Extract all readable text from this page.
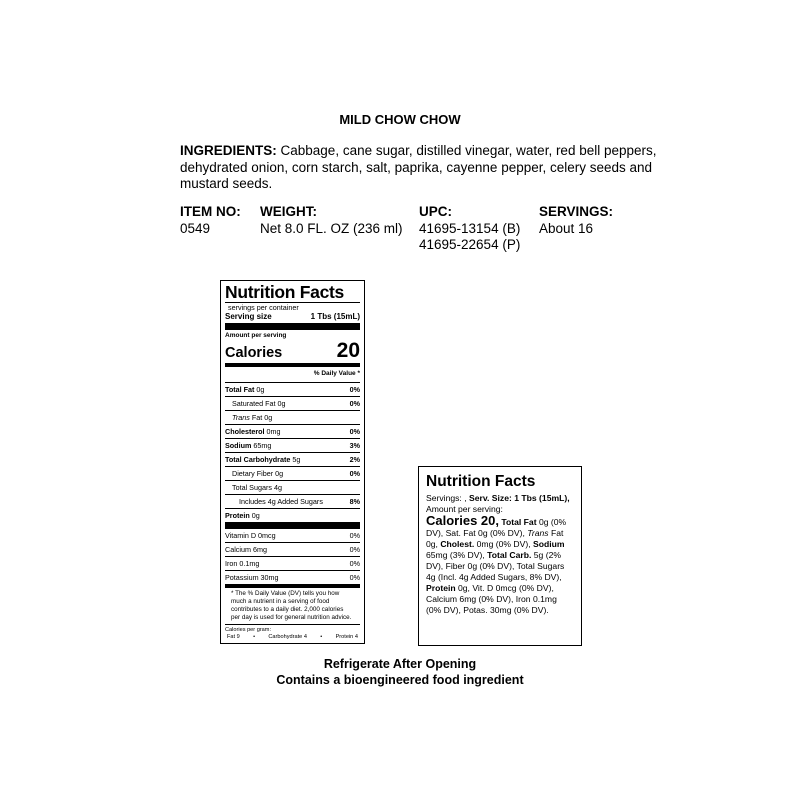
MILD CHOW CHOW
INGREDIENTS: Cabbage, cane sugar, distilled vinegar, water, red bell peppers, dehydrated onion, corn starch, salt, paprika, cayenne pepper, celery seeds and mustard seeds.
ITEM NO:
0549
WEIGHT:
Net 8.0 FL. OZ (236 ml)
UPC:
41695-13154 (B)
41695-22654 (P)
SERVINGS:
About 16
Nutrition Facts
servings per container
Serving size	1 Tbs (15mL)
Amount per serving
Calories	20
% Daily Value *
Total Fat 0g	0%
Saturated Fat 0g	0%
Trans Fat 0g
Cholesterol 0mg	0%
Sodium 65mg	3%
Total Carbohydrate 5g	2%
Dietary Fiber 0g	0%
Total Sugars 4g
Includes 4g Added Sugars	8%
Protein 0g
Vitamin D 0mcg	0%
Calcium 6mg	0%
Iron 0.1mg	0%
Potassium 30mg	0%
* The % Daily Value (DV) tells you how much a nutrient in a serving of food contributes to a daily diet. 2,000 calories per day is used for general nutrition advice.
Calories per gram:
Fat 9 • Carbohydrate 4 • Protein 4
Nutrition Facts
Servings: , Serv. Size: 1 Tbs (15mL), Amount per serving:
Calories 20, Total Fat 0g (0% DV), Sat. Fat 0g (0% DV), Trans Fat 0g, Cholest. 0mg (0% DV), Sodium 65mg (3% DV), Total Carb. 5g (2% DV), Fiber 0g (0% DV), Total Sugars 4g (Incl. 4g Added Sugars, 8% DV), Protein 0g, Vit. D 0mcg (0% DV), Calcium 6mg (0% DV), Iron 0.1mg (0% DV), Potas. 30mg (0% DV).
Refrigerate After Opening
Contains a bioengineered food ingredient
